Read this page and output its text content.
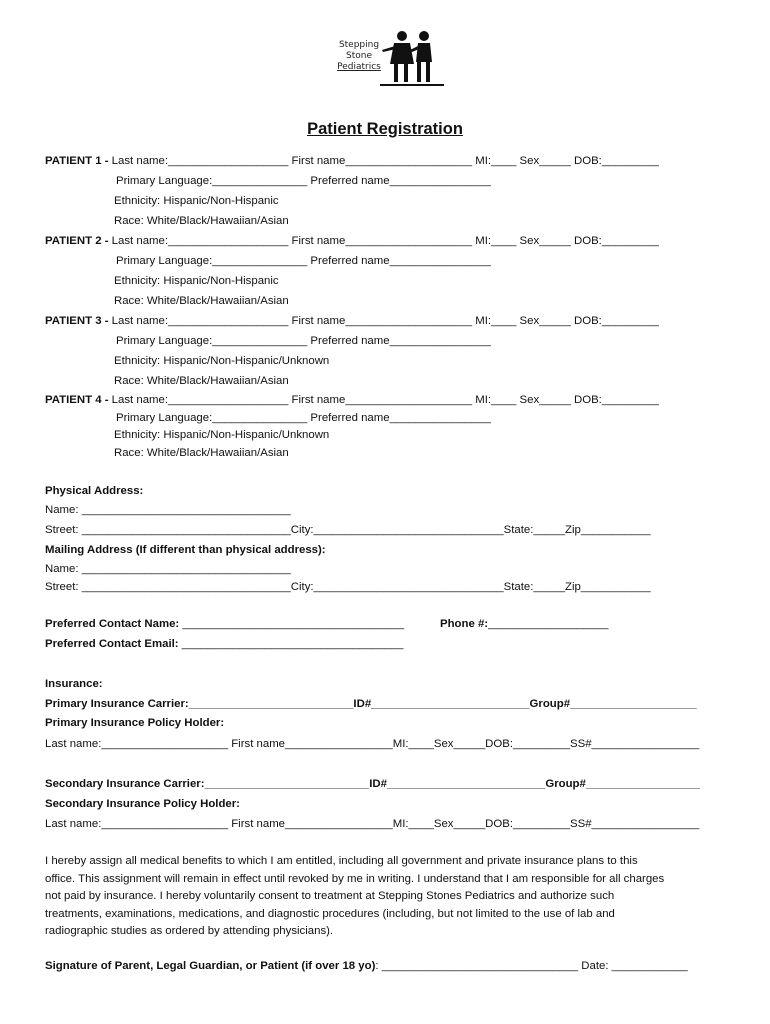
Stepping
Stone
Pediatrics
Patient Registration
PATIENT 1 - Last name:___________________ First name____________________ MI:____ Sex_____ DOB:_________
Primary Language:_______________ Preferred name________________
Ethnicity: Hispanic/Non-Hispanic
Race: White/Black/Hawaiian/Asian
PATIENT 2 - Last name:___________________ First name____________________ MI:____ Sex_____ DOB:_________
Primary Language:_______________ Preferred name________________
Ethnicity: Hispanic/Non-Hispanic
Race: White/Black/Hawaiian/Asian
PATIENT 3 - Last name:___________________ First name____________________ MI:____ Sex_____ DOB:_________
Primary Language:_______________ Preferred name________________
Ethnicity: Hispanic/Non-Hispanic/Unknown
Race: White/Black/Hawaiian/Asian
PATIENT 4 - Last name:___________________ First name____________________ MI:____ Sex_____ DOB:_________
Primary Language:_______________ Preferred name________________
Ethnicity: Hispanic/Non-Hispanic/Unknown
Race: White/Black/Hawaiian/Asian
Physical Address:
Name: _________________________________
Street: _________________________________City:______________________________State:_____Zip___________
Mailing Address (If different than physical address):
Name: _________________________________
Street: _________________________________City:______________________________State:_____Zip___________
Preferred Contact Name: ___________________________________	Phone #:___________________
Preferred Contact Email: ___________________________________
Insurance:
Primary Insurance Carrier:__________________________ID#_________________________Group#____________________
Primary Insurance Policy Holder:
Last name:____________________ First name_________________MI:____Sex_____DOB:_________SS#_________________
Secondary Insurance Carrier:__________________________ID#_________________________Group#__________________
Secondary Insurance Policy Holder:
Last name:____________________ First name_________________MI:____Sex_____DOB:_________SS#_________________
I hereby assign all medical benefits to which I am entitled, including all government and private insurance plans to this
office. This assignment will remain in effect until revoked by me in writing. I understand that I am responsible for all charges
not paid by insurance. I hereby voluntarily consent to treatment at Stepping Stones Pediatrics and authorize such
treatments, examinations, medications, and diagnostic procedures (including, but not limited to the use of lab and
radiographic studies as ordered by attending physicians).
Signature of Parent, Legal Guardian, or Patient (if over 18 yo): _______________________________ Date: ____________
